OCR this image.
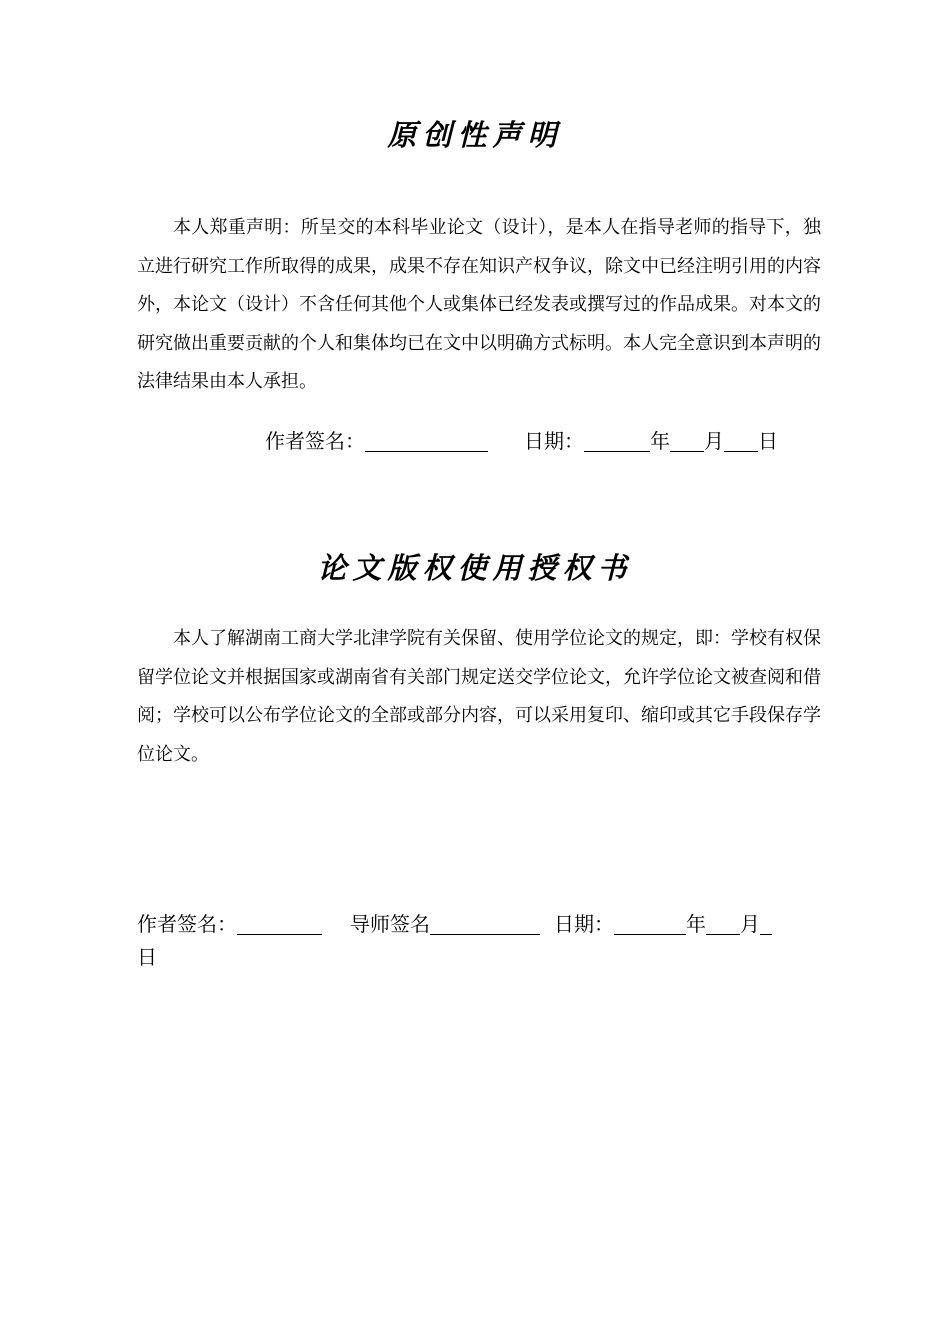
原创性声明

本人郑重声明：所呈交的本科毕业论文（设计），是本人在指导老师的指导下，独立进行研究工作所取得的成果，成果不存在知识产权争议，除文中已经注明引用的内容外，本论文（设计）不含任何其他个人或集体已经发表或撰写过的作品成果。对本文的研究做出重要贡献的个人和集体均已在文中以明确方式标明。本人完全意识到本声明的法律结果由本人承担。

作者签名：	日期：	年 月 日
论文版权使用授权书

本人了解湖南工商大学北津学院有关保留、使用学位论文的规定，即：学校有权保留学位论文并根据国家或湖南省有关部门规定送交学位论文，允许学位论文被查阅和借阅；学校可以公布学位论文的全部或部分内容，可以采用复印、缩印或其它手段保存学位论文。

作者签名：	导师签名	日期：	年 月
日
